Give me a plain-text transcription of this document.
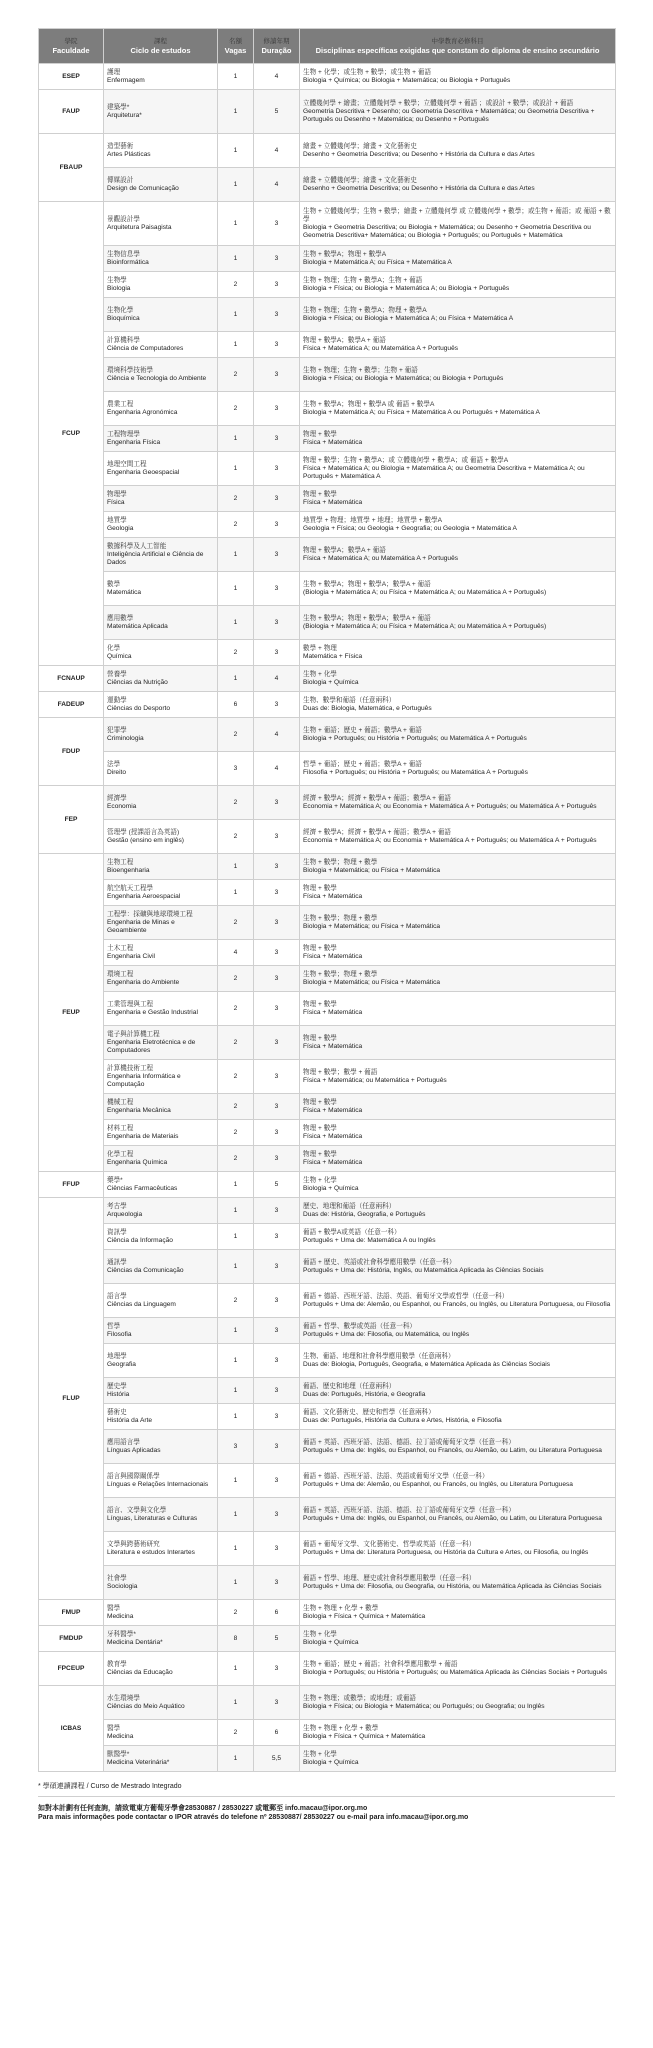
學院
Faculdade	課程
Ciclo de estudos	名額
Vagas	修讀年期
Duração	中學教育必修科目
Disciplinas específicas exigidas que constam do diploma de ensino secundário
ESEP	護理
Enfermagem	1	4	生物 + 化學；或生物 + 數學；或生物 + 葡語
Biologia + Química; ou Biologia + Matemática; ou Biologia + Português

FAUP	建築學*
Arquitetura*	1	5	立體幾何學 + 繪畫；立體幾何學 + 數學；立體幾何學 + 葡語 ；或設計 + 數學；或設計 + 葡語
Geometria Descritiva + Desenho; ou Geometria Descritiva + Matemática; ou Geometria Descritiva + Português ou Desenho + Matemática; ou Desenho + Português

FBAUP	造型藝術
Artes Plásticas	1	4	繪畫 + 立體幾何學；繪畫 + 文化藝術史
Desenho + Geometria Descritiva; ou Desenho + História da Cultura e das Artes

	傳媒設計
Design de Comunicação	1	4	繪畫 + 立體幾何學；繪畫 + 文化藝術史
Desenho + Geometria Descritiva; ou Desenho + História da Cultura e das Artes

FCUP	景觀設計學
Arquitetura Paisagista	1	3	生物 + 立體幾何學；生物 + 數學；繪畫 + 立體幾何學 或 立體幾何學 + 數學；或生物 + 葡語；或 葡語 + 數學
Biologia + Geometria Descritiva; ou Biologia + Matemática; ou Desenho + Geometria Descritiva ou Geometria Descritiva+ Matemática; ou Biologia + Português; ou Português + Matemática

	生物信息學
Bioinformática	1	3	生物 + 數學A；物理 + 數學A
Biologia + Matemática A; ou Física + Matemática A

	生物學
Biologia	2	3	生物 + 物理；生物 + 數學A；生物 + 葡語
Biologia + Física; ou Biologia + Matemática A; ou Biologia + Português

	生物化學
Bioquímica	1	3	生物 + 物理；生物 + 數學A；物理 + 數學A
Biologia + Física; ou Biologia + Matemática A; ou Física + Matemática A

	計算機科學
Ciência de Computadores	1	3	物理 + 數學A；數學A + 葡語
Física + Matemática A; ou Matemática A + Português

	環境科學技術學
Ciência e Tecnologia do Ambiente	2	3	生物 + 物理；生物 + 數學；生物 + 葡語
Biologia + Física; ou Biologia + Matemática; ou Biologia + Português

	農業工程
Engenharia Agronómica	2	3	生物 + 數學A；物理 + 數學A 或 葡語 + 數學A
Biologia + Matemática A; ou Física + Matemática A ou Português + Matemática A

	工程物理學
Engenharia Física	1	3	物理 + 數學
Física + Matemática

	地理空間工程
Engenharia Geoespacial	1	3	物理 + 數學；生物 + 數學A；或 立體幾何學 + 數學A；或 葡語 + 數學A
Física + Matemática A; ou Biologia + Matemática A; ou Geometria Descritiva + Matemática A; ou Português + Matemática A

	物理學
Física	2	3	物理 + 數學
Física + Matemática

	地質學
Geologia	2	3	地質學 + 物理；地質學 + 地理；地質學 + 數學A
Geologia + Física; ou Geologia + Geografia; ou Geologia + Matemática A

	數據科學及人工智能
Inteligência Artificial e Ciência de Dados	1	3	物理 + 數學A；數學A + 葡語
Física + Matemática A; ou Matemática A + Português

	數學
Matemática	1	3	生物 + 數學A；物理 + 數學A；數學A + 葡語
(Biologia + Matemática A; ou Física + Matemática A; ou Matemática A + Português)

	應用數學
Matemática Aplicada	1	3	生物 + 數學A；物理 + 數學A；數學A + 葡語
(Biologia + Matemática A; ou Física + Matemática A; ou Matemática A + Português)

	化學
Química	2	3	數學 + 物理
Matemática + Física

FCNAUP	營養學
Ciências da Nutrição	1	4	生物 + 化學
Biologia + Química

FADEUP	運動學
Ciências do Desporto	6	3	生物、數學和葡語（任意兩科）
Duas de: Biologia, Matemática, e Português

FDUP	犯罪學
Criminologia	2	4	生物 + 葡語；歷史 + 葡語；數學A + 葡語
Biologia + Português; ou História + Português; ou Matemática A + Português

	法學
Direito	3	4	哲學 + 葡語；歷史 + 葡語；數學A + 葡語
Filosofia + Português; ou História + Português; ou Matemática A + Português

FEP	經濟學
Economia	2	3	經濟 + 數學A；經濟 + 數學A + 葡語；數學A + 葡語
Economia + Matemática A; ou Economia + Matemática A + Português; ou Matemática A + Português

	管理學 (授課語言為英語)
Gestão (ensino em inglês)	2	3	經濟 + 數學A；經濟 + 數學A + 葡語；數學A + 葡語
Economia + Matemática A; ou Economia + Matemática A + Português; ou Matemática A + Português

FEUP	生物工程
Bioengenharia	1	3	生物 + 數學；物理 + 數學
Biologia + Matemática; ou Física + Matemática

	航空航天工程學
Engenharia Aeroespacial	1	3	物理 + 數學
Física + Matemática

	工程學：採礦與地球環境工程
Engenharia de Minas e Geoambiente	2	3	生物 + 數學；物理 + 數學
Biologia + Matemática; ou Física + Matemática

	土木工程
Engenharia Civil	4	3	物理 + 數學
Física + Matemática

	環境工程
Engenharia do Ambiente	2	3	生物 + 數學；物理 + 數學
Biologia + Matemática; ou Física + Matemática

	工業管理與工程
Engenharia e Gestão Industrial	2	3	物理 + 數學
Física + Matemática

	電子與計算機工程
Engenharia Eletrotécnica e de Computadores	2	3	物理 + 數學
Física + Matemática

	計算機技術工程
Engenharia Informática e Computação	2	3	物理 + 數學；數學 + 葡語
Física + Matemática; ou Matemática + Português

	機械工程
Engenharia Mecânica	2	3	物理 + 數學
Física + Matemática

	材料工程
Engenharia de Materiais	2	3	物理 + 數學
Física + Matemática

	化學工程
Engenharia Química	2	3	物理 + 數學
Física + Matemática

FFUP	藥學*
Ciências Farmacêuticas	1	5	生物 + 化學
Biologia + Química

FLUP	考古學
Arqueologia	1	3	歷史、地理和葡語（任意兩科）
Duas de: História, Geografia, e Português

	資訊學
Ciência da Informação	1	3	葡語 + 數學A或英語（任意一科）
Português + Uma de: Matemática A ou Inglês

	通訊學
Ciências da Comunicação	1	3	葡語 + 歷史、英語或社會科學應用數學（任意一科）
Português + Uma de: História, Inglês, ou Matemática Aplicada às Ciências Sociais

	語言學
Ciências da Linguagem	2	3	葡語 + 德語、西班牙語、法語、英語、葡萄牙文學或哲學（任意一科）
Português + Uma de: Alemão, ou Espanhol, ou Francês, ou Inglês, ou Literatura Portuguesa, ou Filosofia

	哲學
Filosofia	1	3	葡語 + 哲學、數學或英語（任意一科）
Português + Uma de: Filosofia, ou Matemática, ou Inglês

	地理學
Geografia	1	3	生物、葡語、地理和社會科學應用數學（任意兩科）
Duas de: Biologia, Português, Geografia, e Matemática Aplicada às Ciências Sociais

	歷史學
História	1	3	葡語、歷史和地理（任意兩科）
Duas de: Português, História, e Geografia

	藝術史
História da Arte	1	3	葡語、文化藝術史、歷史和哲學（任意兩科）
Duas de: Português, História da Cultura e Artes, História, e Filosofia

	應用語言學
Línguas Aplicadas	3	3	葡語 + 英語、西班牙語、法語、德語、拉丁語或葡萄牙文學（任意一科）
Português + Uma de: Inglês, ou Espanhol, ou Francês, ou Alemão, ou Latim, ou Literatura Portuguesa

	語言與國際關係學
Línguas e Relações Internacionais	1	3	葡語 + 德語、西班牙語、法語、英語或葡萄牙文學（任意一科）
Português + Uma de: Alemão, ou Espanhol, ou Francês, ou Inglês, ou Literatura Portuguesa

	語言、文學與文化學
Línguas, Literaturas e Culturas	1	3	葡語 + 英語、西班牙語、法語、德語、拉丁語或葡萄牙文學（任意一科）
Português + Uma de: Inglês, ou Espanhol, ou Francês, ou Alemão, ou Latim, ou Literatura Portuguesa

	文學與跨藝術研究
Literatura e estudos Interartes	1	3	葡語 + 葡萄牙文學、文化藝術史、哲學或英語（任意一科）
Português + Uma de: Literatura Portuguesa, ou História da Cultura e Artes, ou Filosofia, ou Inglês

	社會學
Sociologia	1	3	葡語 + 哲學、地理、歷史或社會科學應用數學（任意一科）
Português + Uma de: Filosofia, ou Geografia, ou História, ou Matemática Aplicada às Ciências Sociais

FMUP	醫學
Medicina	2	6	生物 + 物理 + 化學 + 數學
Biologia + Física + Química + Matemática

FMDUP	牙科醫學*
Medicina Dentária*	8	5	生物 + 化學
Biologia + Química

FPCEUP	教育學
Ciências da Educação	1	3	生物 + 葡語；歷史 + 葡語；社會科學應用數學 + 葡語
Biologia + Português; ou História + Português; ou Matemática Aplicada às Ciências Sociais + Português

ICBAS	水生環境學
Ciências do Meio Aquático	1	3	生物 + 物理；或數學；或地理；或葡語
Biologia + Física; ou Biologia + Matemática; ou Português; ou Geografia; ou Inglês

	醫學
Medicina	2	6	生物 + 物理 + 化學 + 數學
Biologia + Física + Química + Matemática

	獸醫學*
Medicina Veterinária*	1	5,5	生物 + 化學
Biologia + Química
* 學碩連讀課程 / Curso de Mestrado Integrado
如對本計劃有任何查詢，請致電東方葡萄牙學會28530887 / 28530227 或電郵至 info.macau@ipor.org.mo
Para mais informações pode contactar o IPOR através do telefone nº 28530887/ 28530227 ou e-mail para info.macau@ipor.org.mo
